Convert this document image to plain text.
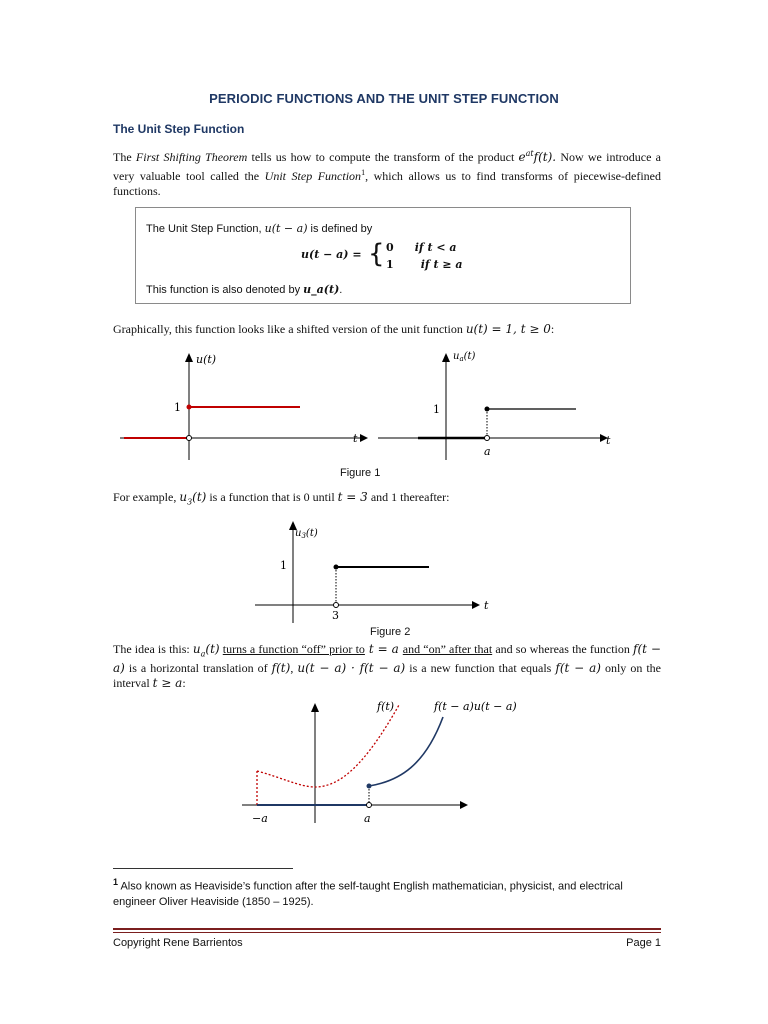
PERIODIC FUNCTIONS AND THE UNIT STEP FUNCTION
The Unit Step Function
The First Shifting Theorem tells us how to compute the transform of the product $e^{at}f(t)$. Now we introduce a very valuable tool called the Unit Step Function$^1$, which allows us to find transforms of piecewise-defined functions.
The Unit Step Function, u(t − a) is defined by
u(t − a) = { 0 if t < a
1 if t ≥ a
This function is also denoted by u_a(t).
Graphically, this function looks like a shifted version of the unit function u(t) = 1, t ≥ 0:
u(t)
1
t
$u_a(t)$
1
t
a
Figure 1
For example, $u_3(t)$ is a function that is 0 until t = 3 and 1 thereafter:
$u_3(t)$
1
3
t
Figure 2
The idea is this: $u_a(t)$ turns a function “off” prior to t = a and “on” after that and so whereas the function f(t − a) is a horizontal translation of f(t), u(t − a) · f(t − a) is a new function that equals f(t − a) only on the interval t ≥ a:
f(t)	f(t − a)u(t − a)
−a	a
$^1$ Also known as Heaviside’s function after the self-taught English mathematician, physicist, and electrical engineer Oliver Heaviside (1850 – 1925).
Copyright Rene Barrientos	Page 1
